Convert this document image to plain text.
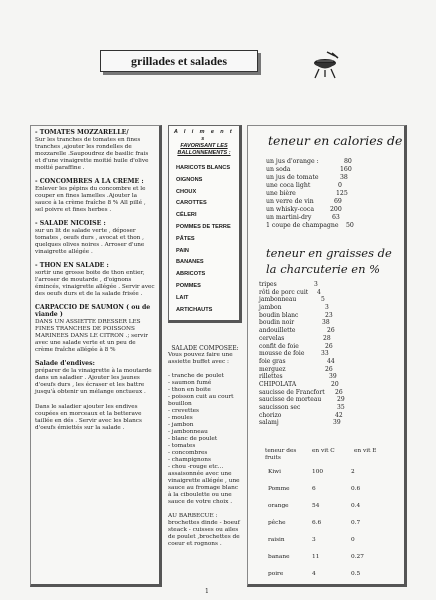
grillades et salades
- TOMATES MOZZARELLE/

Sur les tranches de tomates en fines tranches ,ajouter les rondelles de mozzarelle .Saupoudrez de basilic frais et d'une vinaigrette moitié huile d'olive moitié paraffine .

- CONCOMBRES A LA CREME :

Enlever les pépins du concombre et le couper en fines lamelles .Ajouter la sauce à la crème fraîche 8 % All pillé , sel poivre et fines herbes .

- SALADE NICOISE :

sur un lit de salade verte , déposer tomates , oeufs durs , avocat et thon , quelques olives noires . Arroser d'une vinaigrette allégée .

- THON EN SALADE :

sortir une grosse boite de thon entier, l'arroser de moutarde , d'oignons émincés, vinaigrette allégée . Servir avec des oeufs durs et de la salade frisée .

CARPACCIO DE SAUMON ( ou de viande )

DANS UN ASSIETTE DRESSER LES FINES TRANCHES DE POISSONS MARINEES DANS LE CITRON .; servir avec une salade verte et un peu de crème fraîche allégée à 8 %

Salade d'endives:

préparer de la vinaigrette à la moutarde dans un saladier . Ajouter les jaunes d'oeufs durs , les écraser et les battre jusqu'à obtenir un mélange onctueux .

Dans le saladier ajouter les endives coupées en morceaux et la betterave taillée en dés . Servir avec les blancs d'oeufs émiettés sur la salade .

A l i m e n t s
FAVORISANT LES BALLONNEMENTS :
HARICOTS BLANCS
OIGNONS
CHOUX
CAROTTES
CÉLERI
POMMES DE TERRE
PÂTES
PAIN
BANANES
ABRICOTS
POMMES
LAIT
ARTICHAUTS

SALADE COMPOSEE:

Vous pouvez faire une assiette buffet avec :

- tranche de poulet
- saumon fumé
- thon en boite
- poisson cuit au court
bouillon
- crevettes
- moules
- jambon
- jambonneau
- blanc de poulet
- tomates
- concombres
- champignons
- chou -rouge etc...

assaisonnée avec une vinaigrette allégée , une sauce au fromage blanc à la ciboulette ou une sauce de votre choix .

AU BARBECUE :

brochettes dinde - boeuf steack - cuisses ou ailes de poulet ,brochettes de coeur et rognons .

teneur en calories de
un jus d'orange :	80
un soda	160
un jus de tomate	38
une coca light	0
une bière	125
un verre de vin	69
un whisky-coca	200
un martini-dry	63
1 coupe de champagne 50
teneur en graisses de la charcuterie en %
tripes	3
rôti de porc cuit 4
jambonneau	5
jambon	3
boudin blanc	23
boudin noir	38
andouillette	26
cervelas	28
confit de foie	26
mousse de foie	33
foie gras	44
merguez	26
rillettes	39
CHIPOLATA	20
saucisse de Francfort 26
saucisse de morteau	29
saucisson sec	35
chorizo	42
salamj	39
teneur des fruits
en vit C	en vit E
Kiwi	100	2
Pomme	6	0.6
orange	54	0.4
pêche	6.6	0.7
raisin	3	0
banane	11	0.27
poire	4	0.5
1
